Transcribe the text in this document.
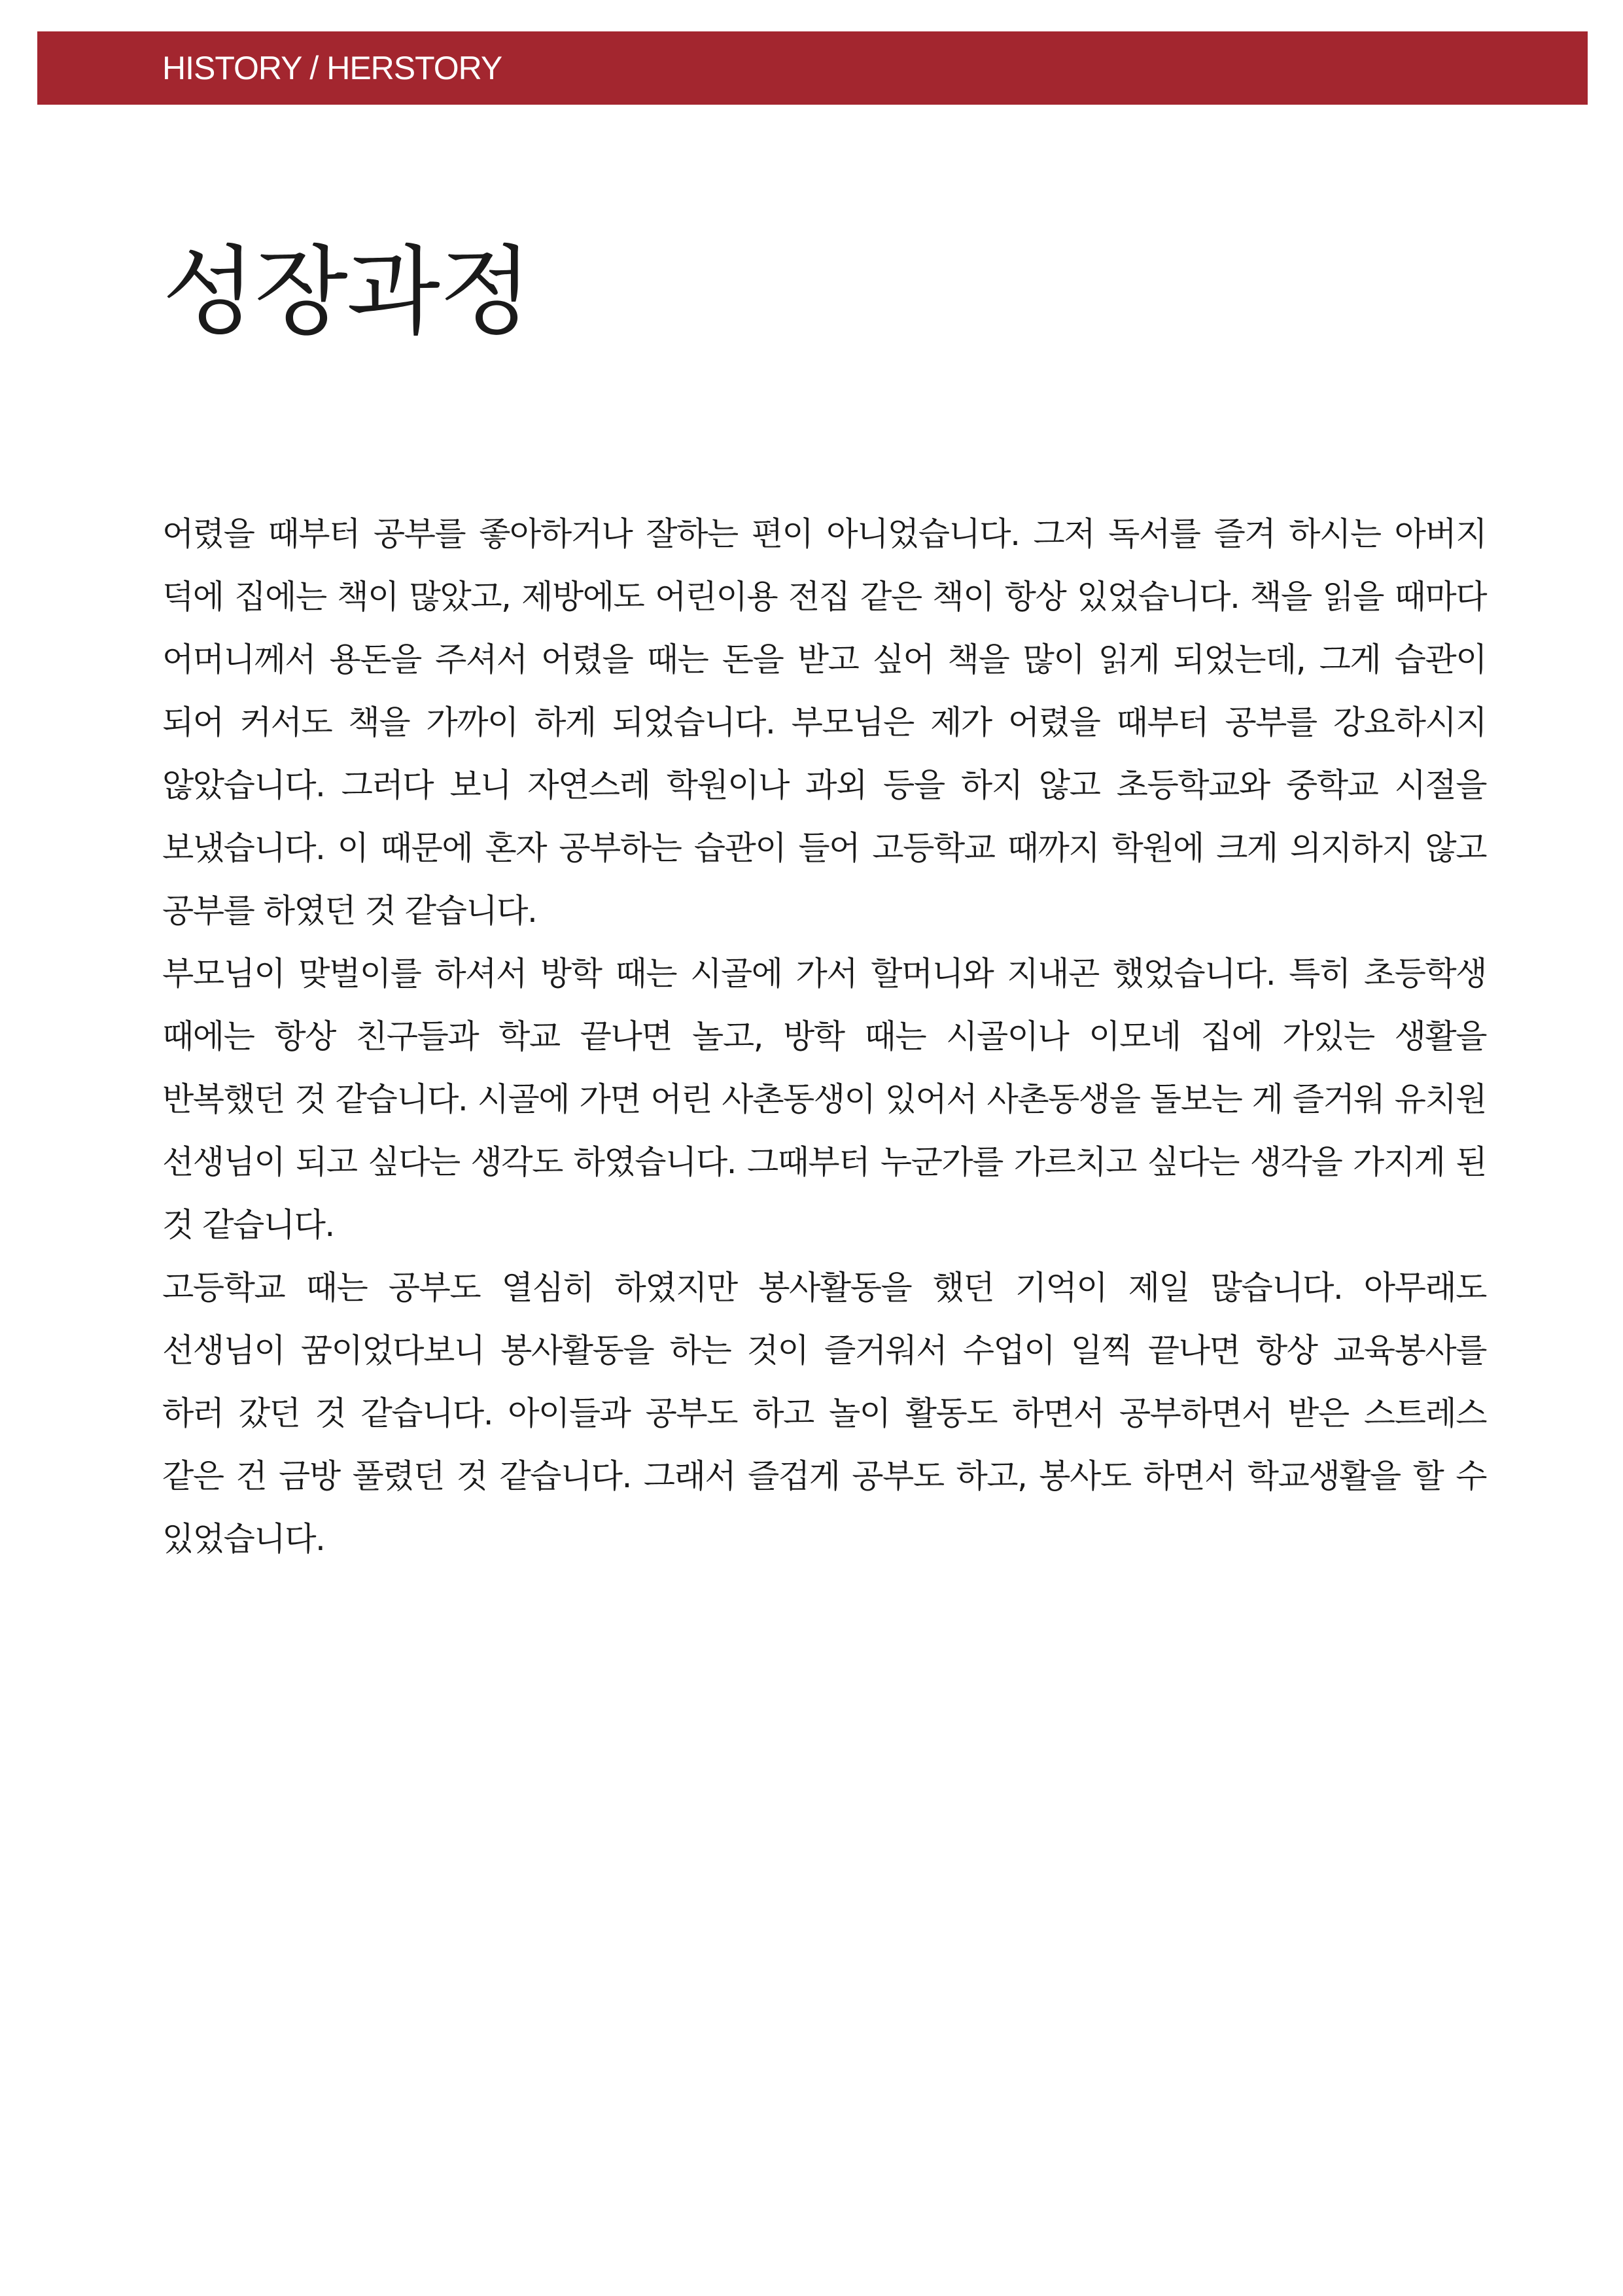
HISTORY / HERSTORY
성장과정

어렸을 때부터 공부를 좋아하거나 잘하는 편이 아니었습니다. 그저 독서를 즐겨 하시는 아버지 덕에 집에는 책이 많았고, 제방에도 어린이용 전집 같은 책이 항상 있었습니다. 책을 읽을 때마다 어머니께서 용돈을 주셔서 어렸을 때는 돈을 받고 싶어 책을 많이 읽게 되었는데, 그게 습관이 되어 커서도 책을 가까이 하게 되었습니다. 부모님은 제가 어렸을 때부터 공부를 강요하시지 않았습니다. 그러다 보니 자연스레 학원이나 과외 등을 하지 않고 초등학교와 중학교 시절을 보냈습니다. 이 때문에 혼자 공부하는 습관이 들어 고등학교 때까지 학원에 크게 의지하지 않고 공부를 하였던 것 같습니다.

부모님이 맞벌이를 하셔서 방학 때는 시골에 가서 할머니와 지내곤 했었습니다. 특히 초등학생 때에는 항상 친구들과 학교 끝나면 놀고, 방학 때는 시골이나 이모네 집에 가있는 생활을 반복했던 것 같습니다. 시골에 가면 어린 사촌동생이 있어서 사촌동생을 돌보는 게 즐거워 유치원 선생님이 되고 싶다는 생각도 하였습니다. 그때부터 누군가를 가르치고 싶다는 생각을 가지게 된 것 같습니다.

고등학교 때는 공부도 열심히 하였지만 봉사활동을 했던 기억이 제일 많습니다. 아무래도 선생님이 꿈이었다보니 봉사활동을 하는 것이 즐거워서 수업이 일찍 끝나면 항상 교육봉사를 하러 갔던 것 같습니다. 아이들과 공부도 하고 놀이 활동도 하면서 공부하면서 받은 스트레스 같은 건 금방 풀렸던 것 같습니다. 그래서 즐겁게 공부도 하고, 봉사도 하면서 학교생활을 할 수 있었습니다.
